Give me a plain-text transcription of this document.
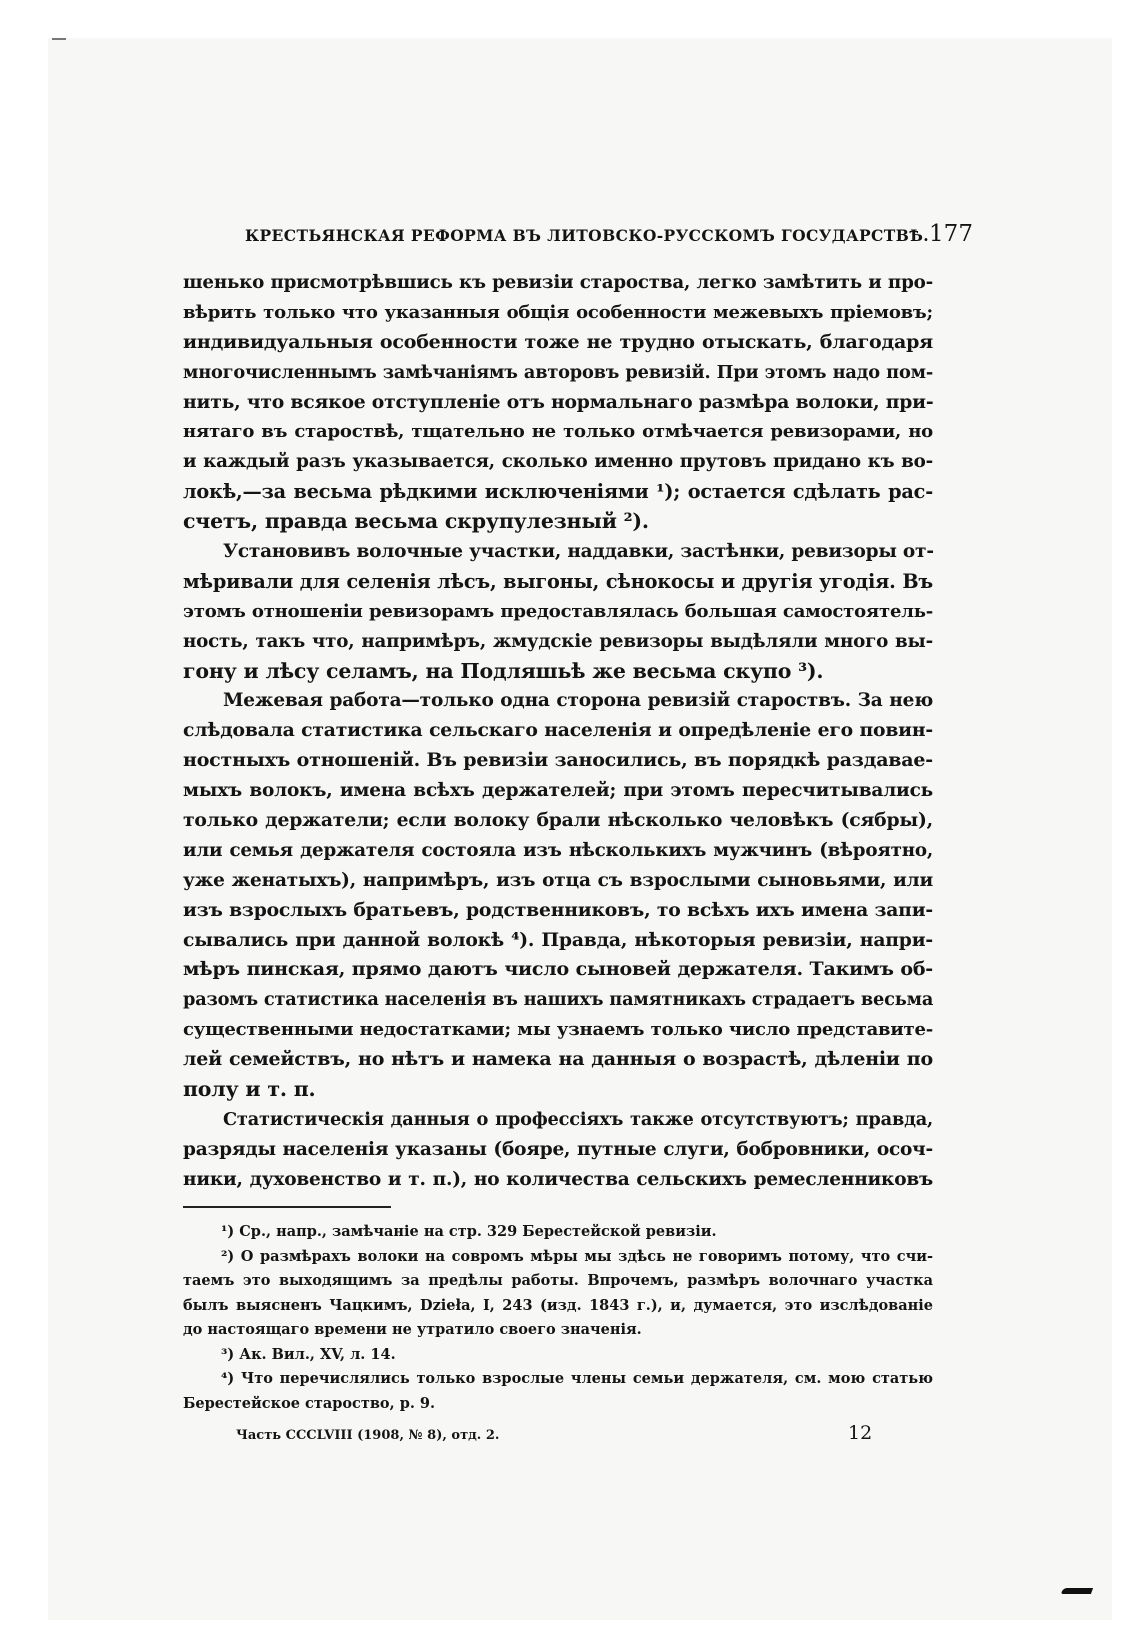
КРЕСТЬЯНСКАЯ РЕФОРМА ВЪ ЛИТОВСКО-РУССКОМЪ ГОСУДАРСТВѢ. 177

шенько присмотрѣвшись къ ревизіи староства, легко замѣтить и про-
вѣрить только что указанныя общія особенности межевыхъ пріемовъ;
индивидуальныя особенности тоже не трудно отыскать, благодаря
многочисленнымъ замѣчаніямъ авторовъ ревизій. При этомъ надо пом-
нить, что всякое отступленіе отъ нормальнаго размѣра волоки, при-
нятаго въ староствѣ, тщательно не только отмѣчается ревизорами, но
и каждый разъ указывается, сколько именно прутовъ придано къ во-
локѣ,—за весьма рѣдкими исключеніями ¹); остается сдѣлать рас-
счетъ, правда весьма скрупулезный ²).

Установивъ волочные участки, наддавки, застѣнки, ревизоры от-
мѣривали для селенія лѣсъ, выгоны, сѣнокосы и другія угодія. Въ
этомъ отношеніи ревизорамъ предоставлялась большая самостоятель-
ность, такъ что, напримѣръ, жмудскіе ревизоры выдѣляли много вы-
гону и лѣсу селамъ, на Подляшьѣ же весьма скупо ³).

Межевая работа—только одна сторона ревизій староствъ. За нею
слѣдовала статистика сельскаго населенія и опредѣленіе его повин-
ностныхъ отношеній. Въ ревизіи заносились, въ порядкѣ раздавае-
мыхъ волокъ, имена всѣхъ держателей; при этомъ пересчитывались
только держатели; если волоку брали нѣсколько человѣкъ (сябры),
или семья держателя состояла изъ нѣсколькихъ мужчинъ (вѣроятно,
уже женатыхъ), напримѣръ, изъ отца съ взрослыми сыновьями, или
изъ взрослыхъ братьевъ, родственниковъ, то всѣхъ ихъ имена запи-
сывались при данной волокѣ ⁴). Правда, нѣкоторыя ревизіи, напри-
мѣръ пинская, прямо даютъ число сыновей держателя. Такимъ об-
разомъ статистика населенія въ нашихъ памятникахъ страдаетъ весьма
существенными недостатками; мы узнаемъ только число представите-
лей семействъ, но нѣтъ и намека на данныя о возрастѣ, дѣленіи по
полу и т. п.

Статистическія данныя о профессіяхъ также отсутствуютъ; правда,
разряды населенія указаны (бояре, путные слуги, бобровники, осоч-
ники, духовенство и т. п.), но количества сельскихъ ремесленниковъ

¹) Ср., напр., замѣчаніе на стр. 329 Берестейской ревизіи.

²) О размѣрахъ волоки на совромъ мѣры мы здѣсь не говоримъ потому, что счи-
таемъ это выходящимъ за предѣлы работы. Впрочемъ, размѣръ волочнаго участка
былъ выясненъ Чацкимъ, Dzieła, I, 243 (изд. 1843 г.), и, думается, это изслѣдованіе
до настоящаго времени не утратило своего значенія.

³) Ак. Вил., XV, л. 14.

⁴) Что перечислялись только взрослые члены семьи держателя, см. мою статью
Берестейское староство, р. 9.

Часть CCCLVIII (1908, № 8), отд. 2.	12
